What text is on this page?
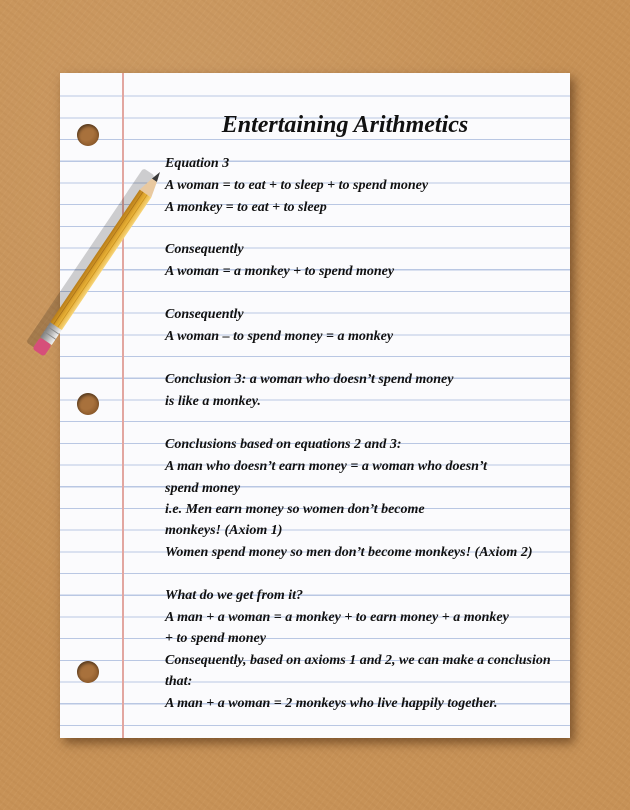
Entertaining Arithmetics
Equation 3
A woman = to eat + to sleep + to spend money
A monkey = to eat + to sleep
Consequently
A woman = a monkey + to spend money
Consequently
A woman – to spend money = a monkey
Conclusion 3: a woman who doesn’t spend money
is like a monkey.
Conclusions based on equations 2 and 3:
A man who doesn’t earn money = a woman who doesn’t
spend money
i.e. Men earn money so women don’t become
monkeys! (Axiom 1)
Women spend money so men don’t become monkeys! (Axiom 2)
What do we get from it?
A man + a woman = a monkey + to earn money + a monkey
+ to spend money
Consequently, based on axioms 1 and 2, we can make a conclusion
that:
A man + a woman = 2 monkeys who live happily together.
